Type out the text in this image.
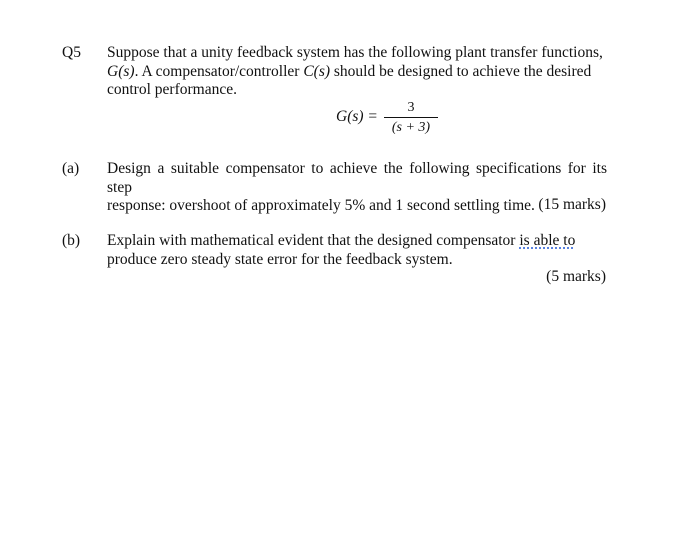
Q5 Suppose that a unity feedback system has the following plant transfer functions,
G(s). A compensator/controller C(s) should be designed to achieve the desired
control performance.
G(s) =
3
(s + 3)
(a) Design a suitable compensator to achieve the following specifications for its step
response: overshoot of approximately 5% and 1 second settling time. (15 marks)
(b) Explain with mathematical evident that the designed compensator is able to
produce zero steady state error for the feedback system.
(5 marks)
